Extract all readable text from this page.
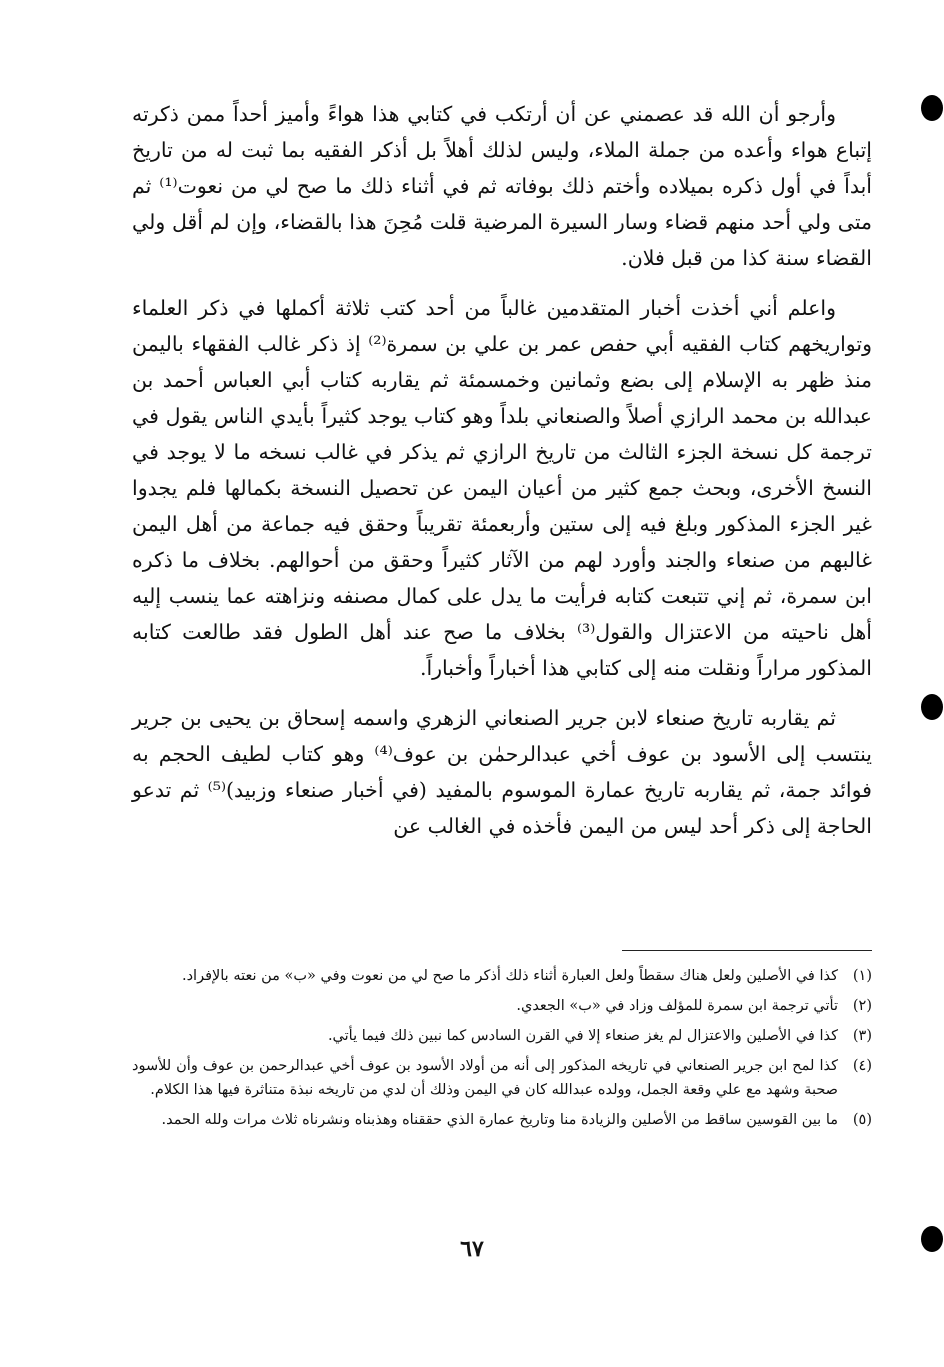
وأرجو أن الله قد عصمني عن أن أرتكب في كتابي هذا هواءً وأميز أحداً ممن ذكرته إتباع هواء وأعده من جملة الملاء، وليس لذلك أهلاً بل أذكر الفقيه بما ثبت له من تاريخ أبداً في أول ذكره بميلاده وأختم ذلك بوفاته ثم في أثناء ذلك ما صح لي من نعوت⁽¹⁾ ثم متى ولي أحد منهم قضاء وسار السيرة المرضية قلت مُحِنَ هذا بالقضاء، وإن لم أقل ولي القضاء سنة كذا من قبل فلان.

واعلم أني أخذت أخبار المتقدمين غالباً من أحد كتب ثلاثة أكملها في ذكر العلماء وتواريخهم كتاب الفقيه أبي حفص عمر بن علي بن سمرة⁽²⁾ إذ ذكر غالب الفقهاء باليمن منذ ظهر به الإسلام إلى بضع وثمانين وخمسمئة ثم يقاربه كتاب أبي العباس أحمد بن عبدالله بن محمد الرازي أصلاً والصنعاني بلداً وهو كتاب يوجد كثيراً بأيدي الناس يقول في ترجمة كل نسخة الجزء الثالث من تاريخ الرازي ثم يذكر في غالب نسخه ما لا يوجد في النسخ الأخرى، وبحث جمع كثير من أعيان اليمن عن تحصيل النسخة بكمالها فلم يجدوا غير الجزء المذكور وبلغ فيه إلى ستين وأربعمئة تقريباً وحقق فيه جماعة من أهل اليمن غالبهم من صنعاء والجند وأورد لهم من الآثار كثيراً وحقق من أحوالهم. بخلاف ما ذكره ابن سمرة، ثم إني تتبعت كتابه فرأيت ما يدل على كمال مصنفه ونزاهته عما ينسب إليه أهل ناحيته من الاعتزال والقول⁽³⁾ بخلاف ما صح عند أهل الطول فقد طالعت كتابه المذكور مراراً ونقلت منه إلى كتابي هذا أخباراً وأخباراً.

ثم يقاربه تاريخ صنعاء لابن جرير الصنعاني الزهري واسمه إسحاق بن يحيى بن جرير ينتسب إلى الأسود بن عوف أخي عبدالرحمٰن بن عوف⁽⁴⁾ وهو كتاب لطيف الحجم به فوائد جمة، ثم يقاربه تاريخ عمارة الموسوم بالمفيد (في أخبار صنعاء وزبيد)⁽⁵⁾ ثم تدعو الحاجة إلى ذكر أحد ليس من اليمن فأخذه في الغالب عن

(١)
كذا في الأصلين ولعل هناك سقطاً ولعل العبارة أثناء ذلك أذكر ما صح لي من نعوت وفي «ب» من نعته بالإفراد.
(٢)
تأتي ترجمة ابن سمرة للمؤلف وزاد في «ب» الجعدي.
(٣)
كذا في الأصلين والاعتزال لم يغز صنعاء إلا في القرن السادس كما نبين ذلك فيما يأتي.
(٤)
كذا لمح ابن جرير الصنعاني في تاريخه المذكور إلى أنه من أولاد الأسود بن عوف أخي عبدالرحمن بن عوف وأن للأسود صحبة وشهد مع علي وقعة الجمل، وولده عبدالله كان في اليمن وذلك أن لدي من تاريخه نبذة متناثرة فيها هذا الكلام.
(٥)
ما بين القوسين ساقط من الأصلين والزيادة منا وتاريخ عمارة الذي حققناه وهذبناه ونشرناه ثلاث مرات ولله الحمد.
٦٧
